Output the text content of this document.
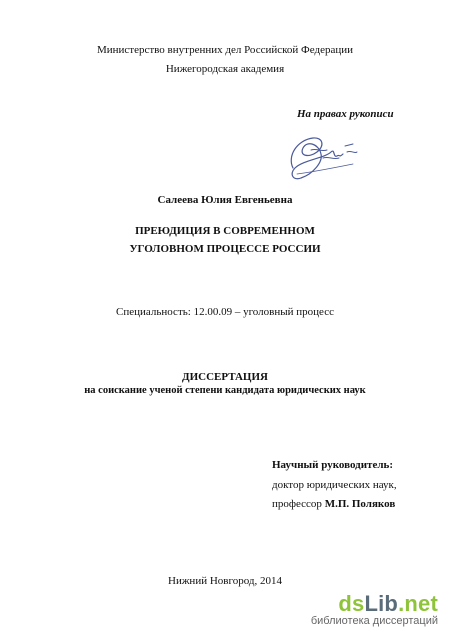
Министерство внутренних дел Российской Федерации
Нижегородская академия
На правах рукописи
Салеева Юлия Евгеньевна
ПРЕЮДИЦИЯ В СОВРЕМЕННОМ
УГОЛОВНОМ ПРОЦЕССЕ РОССИИ
Специальность: 12.00.09 – уголовный процесс
ДИССЕРТАЦИЯ
на соискание ученой степени кандидата юридических наук
Научный руководитель:
доктор юридических наук,
профессор М.П. Поляков
Нижний Новгород, 2014
dsLib.net
библиотека диссертаций
